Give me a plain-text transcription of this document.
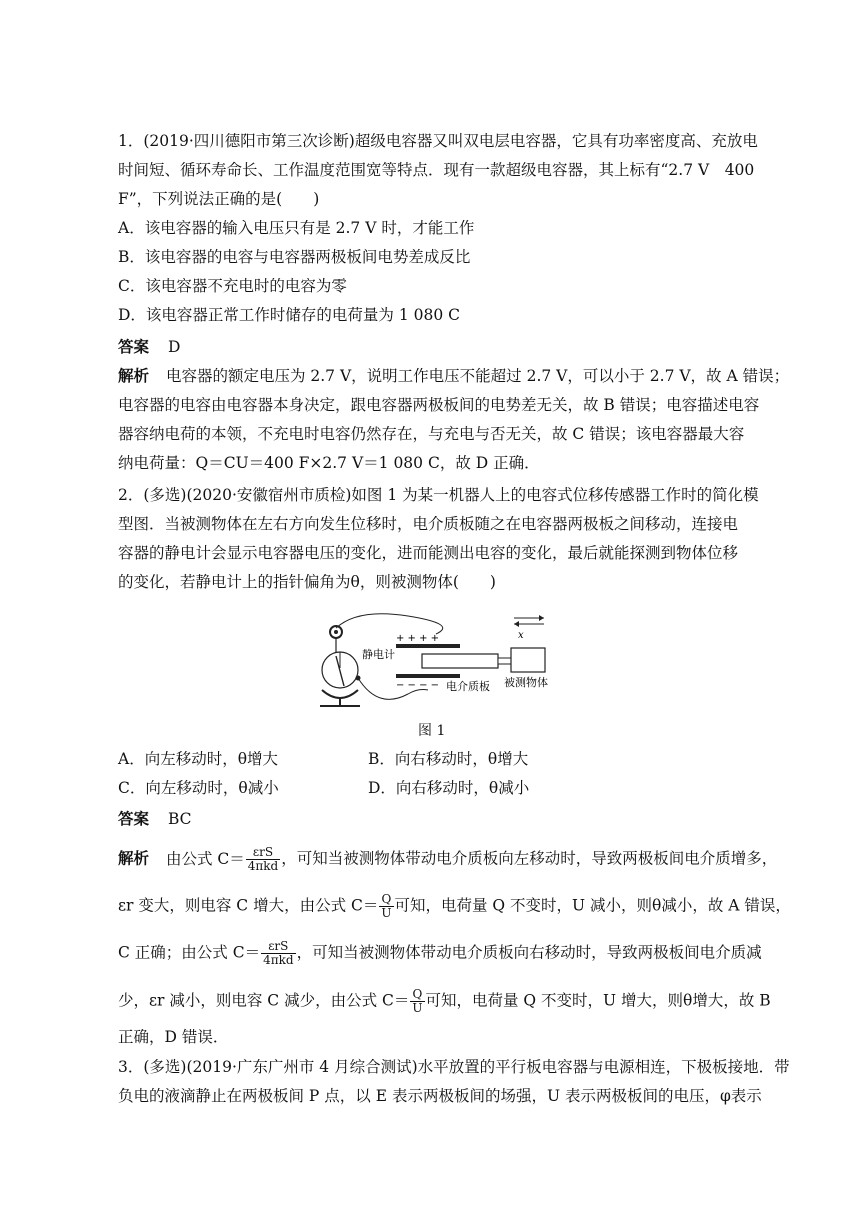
1．(2019·四川德阳市第三次诊断)超级电容器又叫双电层电容器，它具有功率密度高、充放电
时间短、循环寿命长、工作温度范围宽等特点．现有一款超级电容器，其上标有“2.7 V　400
F”，下列说法正确的是(　　)
A．该电容器的输入电压只有是 2.7 V 时，才能工作
B．该电容器的电容与电容器两极板间电势差成反比
C．该电容器不充电时的电容为零
D．该电容器正常工作时储存的电荷量为 1 080 C
答案 D
解析 电容器的额定电压为 2.7 V，说明工作电压不能超过 2.7 V，可以小于 2.7 V，故 A 错误；
电容器的电容由电容器本身决定，跟电容器两极板间的电势差无关，故 B 错误；电容描述电容
器容纳电荷的本领，不充电时电容仍然存在，与充电与否无关，故 C 错误；该电容器最大容
纳电荷量：Q＝CU＝400 F×2.7 V＝1 080 C，故 D 正确．
2．(多选)(2020·安徽宿州市质检)如图 1 为某一机器人上的电容式位移传感器工作时的简化模
型图．当被测物体在左右方向发生位移时，电介质板随之在电容器两极板之间移动，连接电
容器的静电计会显示电容器电压的变化，进而能测出电容的变化，最后就能探测到物体位移
的变化，若静电计上的指针偏角为θ，则被测物体(　　)
+ + + +
− − − −
x
静电计
电介质板 被测物体
图 1
A．向左移动时，θ增大	B．向右移动时，θ增大
C．向左移动时，θ减小	D．向右移动时，θ减小
答案 BC
解析 由公式 $C= \frac{\text{εrS}}{\text{4πkd}}$ ，可知当被测物体带动电介质板向左移动时，导致两极板间电介质增多，
εr 变大，则电容 C 增大，由公式 $C= \frac{Q}{U}$ 可知，电荷量 Q 不变时，U 减小，则θ减小，故 A 错误，
C 正确；由公式 $C= \frac{\text{εrS}}{\text{4πkd}}$ ，可知当被测物体带动电介质板向右移动时，导致两极板间电介质减
少，εr 减小，则电容 C 减少，由公式 $C= \frac{Q}{U}$ 可知，电荷量 Q 不变时，U 增大，则θ增大，故 B
正确，D 错误．
3．(多选)(2019·广东广州市 4 月综合测试)水平放置的平行板电容器与电源相连，下极板接地．带
负电的液滴静止在两极板间 P 点，以 E 表示两极板间的场强，U 表示两极板间的电压，φ表示
